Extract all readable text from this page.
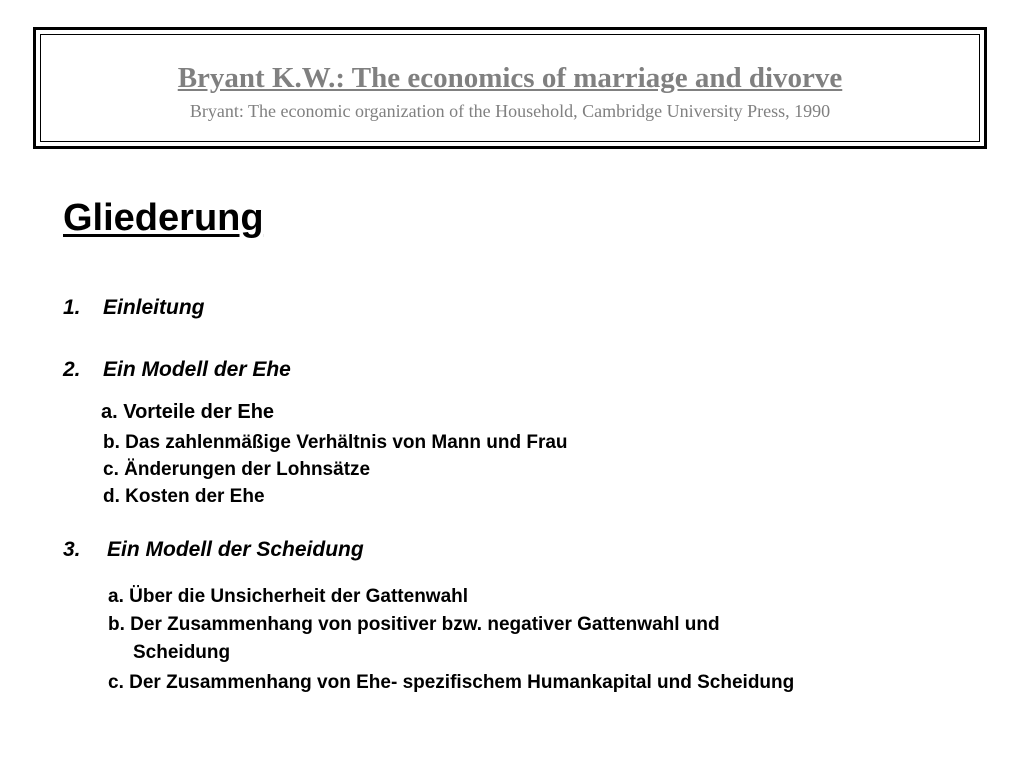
Bryant K.W.: The economics of marriage and divorve
Bryant: The economic organization of the Household, Cambridge University Press, 1990
Gliederung
1. Einleitung
2. Ein Modell der Ehe
a. Vorteile der Ehe
b. Das zahlenmäßige Verhältnis von Mann und Frau
c. Änderungen der Lohnsätze
d. Kosten der Ehe
3. Ein Modell der Scheidung
a. Über die Unsicherheit der Gattenwahl
b. Der Zusammenhang von positiver bzw. negativer Gattenwahl und
Scheidung
c. Der Zusammenhang von Ehe- spezifischem Humankapital und Scheidung
